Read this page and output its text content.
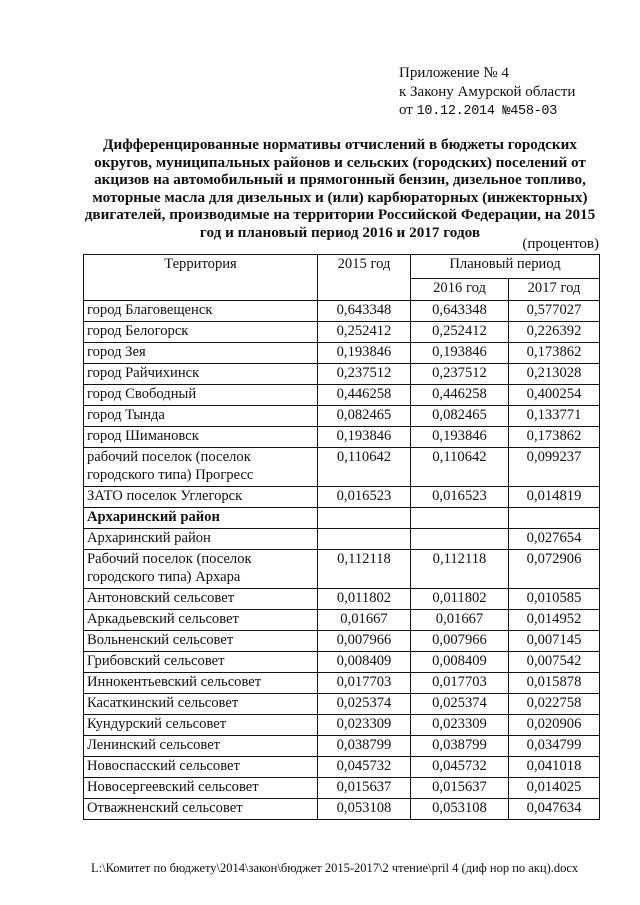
Приложение № 4
к Закону Амурской области
от 10.12.2014 №458-03
Дифференцированные нормативы отчислений в бюджеты городских округов, муниципальных районов и сельских (городских) поселений от акцизов на автомобильный и прямогонный бензин, дизельное топливо, моторные масла для дизельных и (или) карбюраторных (инжекторных) двигателей, производимые на территории Российской Федерации, на 2015 год и плановый период 2016 и 2017 годов
(процентов)
Территория	2015 год	Плановый период	
		2016 год	2017 год
город Благовещенск	0,643348	0,643348	0,577027
город Белогорск	0,252412	0,252412	0,226392
город Зея	0,193846	0,193846	0,173862
город Райчихинск	0,237512	0,237512	0,213028
город Свободный	0,446258	0,446258	0,400254
город Тында	0,082465	0,082465	0,133771
город Шимановск	0,193846	0,193846	0,173862
рабочий поселок (поселок городского типа) Прогресс	0,110642	0,110642	0,099237
ЗАТО поселок Углегорск	0,016523	0,016523	0,014819
Архаринский район			
Архаринский район			0,027654
Рабочий поселок (поселок городского типа) Архара	0,112118	0,112118	0,072906
Антоновский сельсовет	0,011802	0,011802	0,010585
Аркадьевский сельсовет	0,01667	0,01667	0,014952
Вольненский сельсовет	0,007966	0,007966	0,007145
Грибовский сельсовет	0,008409	0,008409	0,007542
Иннокентьевский сельсовет	0,017703	0,017703	0,015878
Касаткинский сельсовет	0,025374	0,025374	0,022758
Кундурский сельсовет	0,023309	0,023309	0,020906
Ленинский сельсовет	0,038799	0,038799	0,034799
Новоспасский сельсовет	0,045732	0,045732	0,041018
Новосергеевский сельсовет	0,015637	0,015637	0,014025
Отважненский сельсовет	0,053108	0,053108	0,047634
L:\Комитет по бюджету\2014\закон\бюджет 2015-2017\2 чтение\pril 4 (диф нор по акц).docx
